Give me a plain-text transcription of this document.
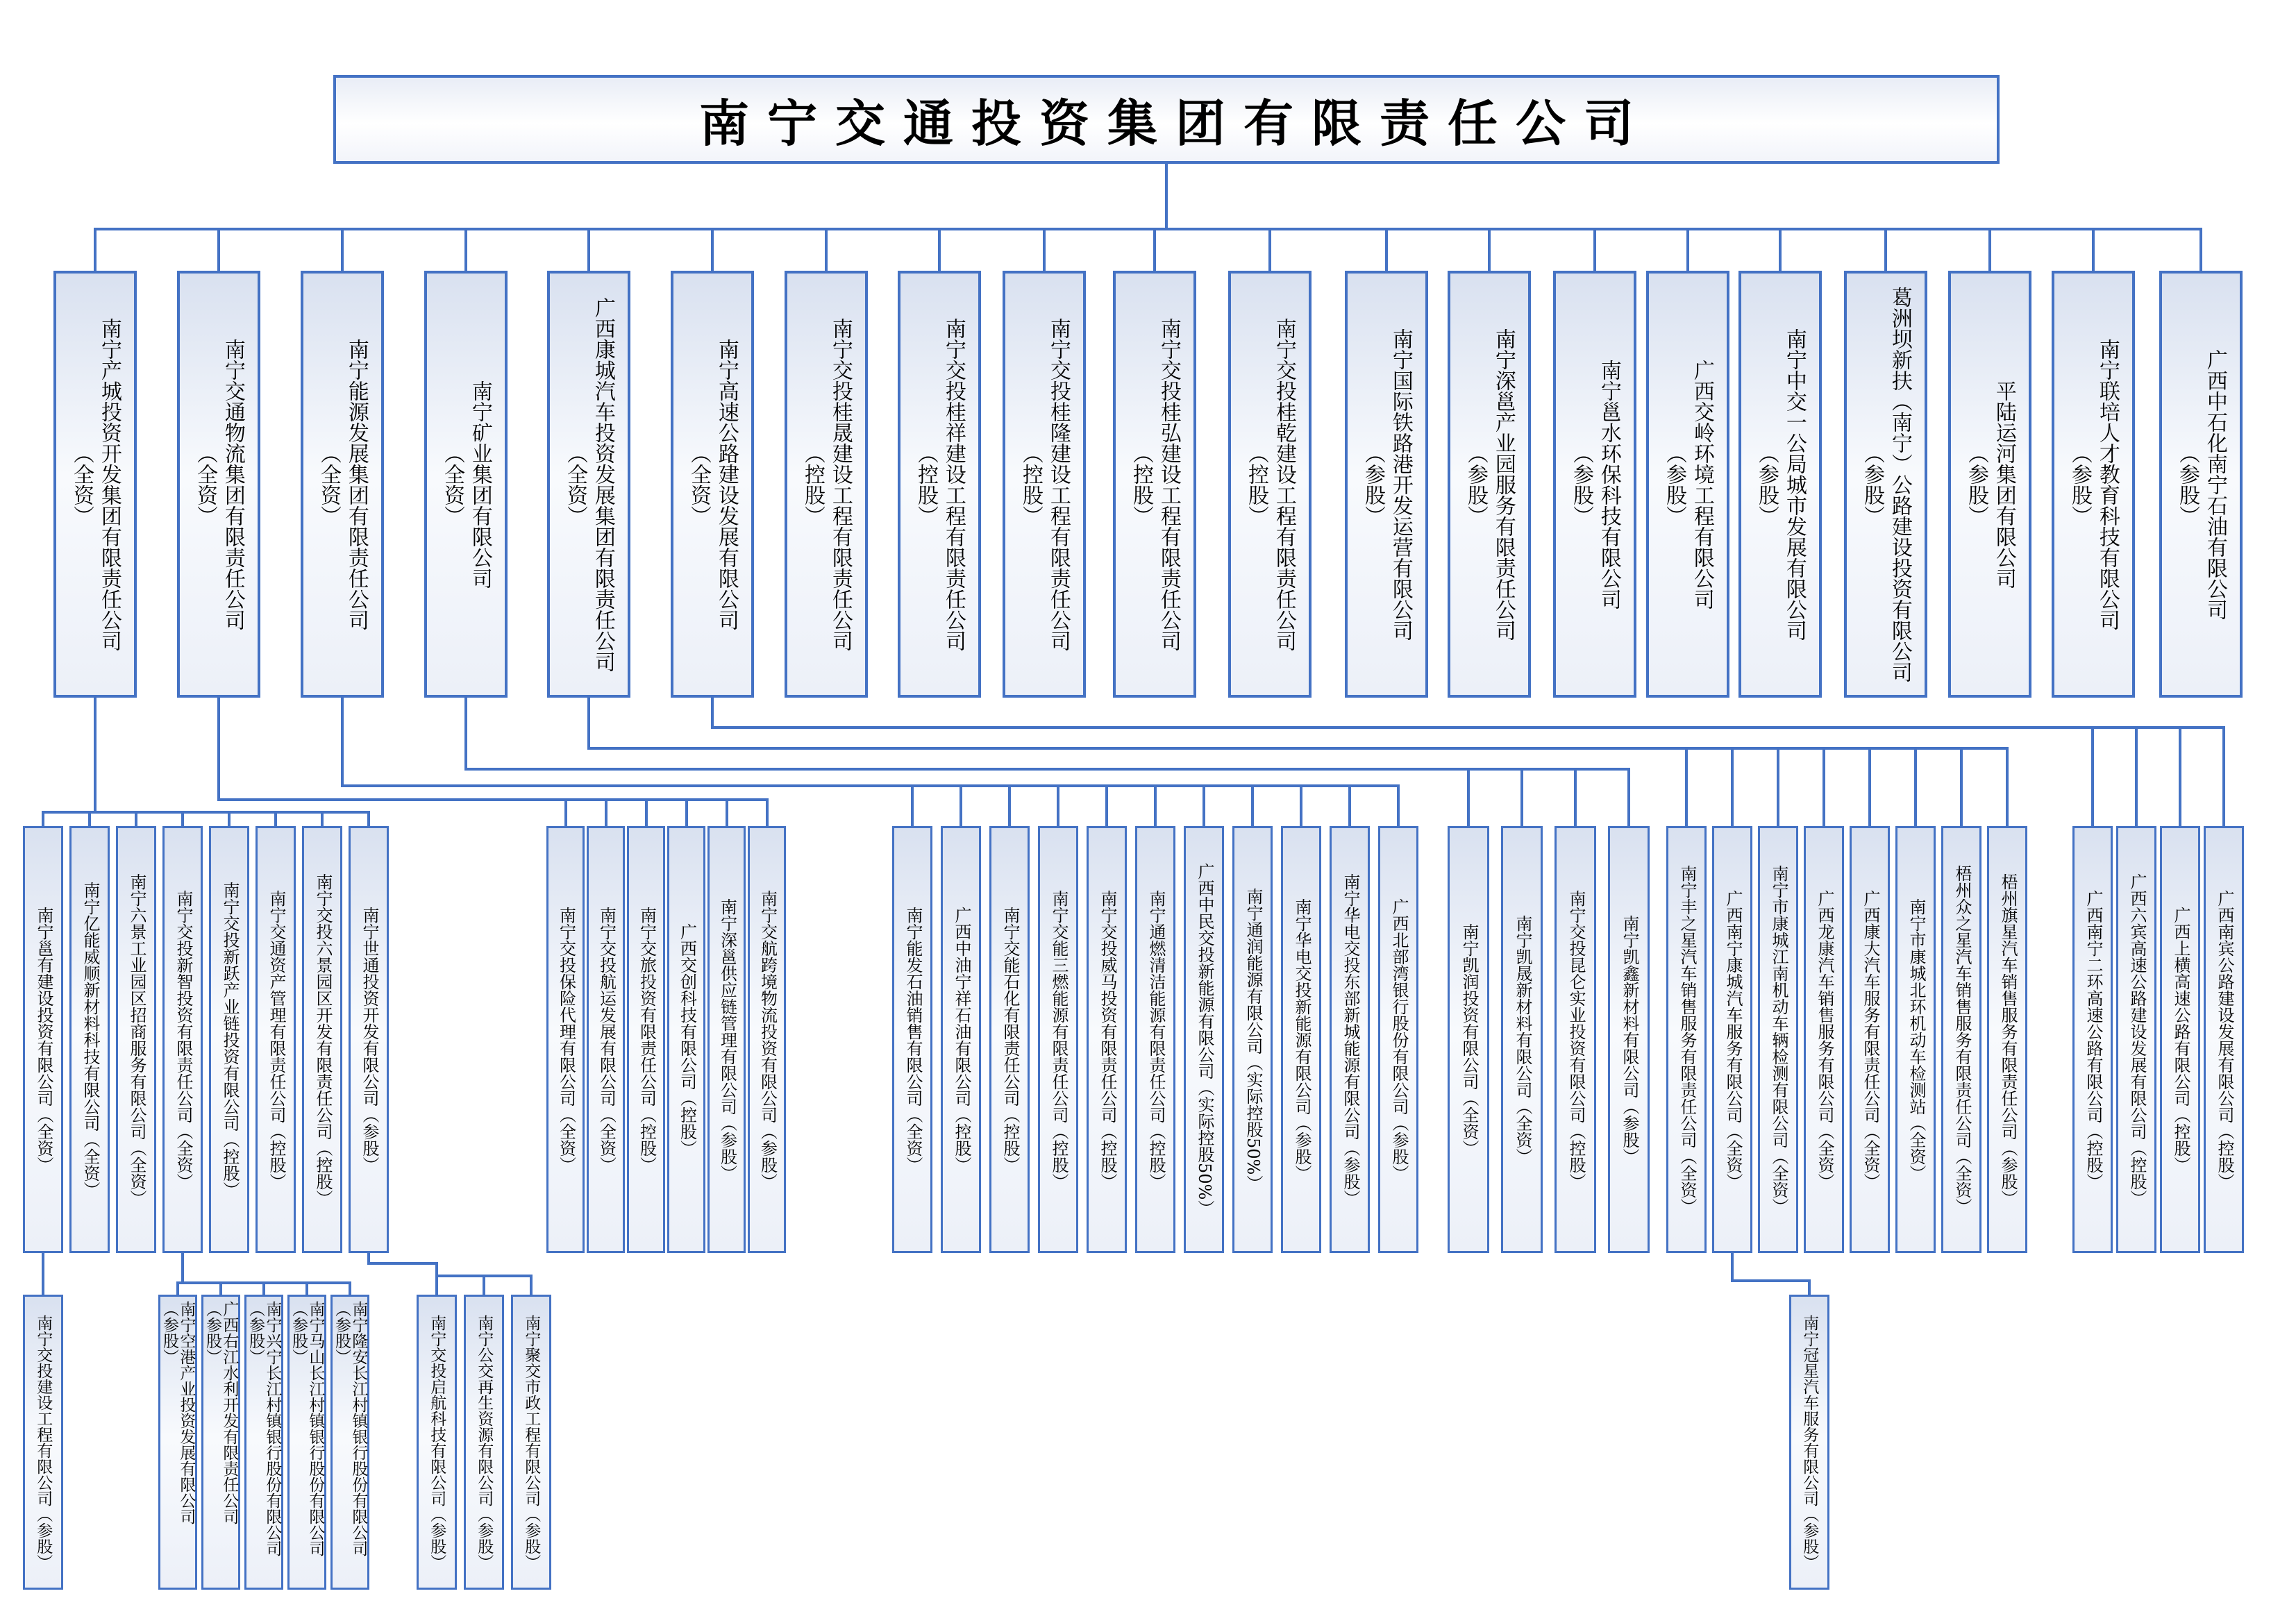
南宁交通投资集团有限责任公司
南宁产城投资开发集团有限责任公司
（全资）	南宁交通物流集团有限责任公司
（全资）	南宁能源发展集团有限责任公司
（全资）	南宁矿业集团有限公司
（全资）	广西康城汽车投资发展集团有限责任公司
（全资）	南宁高速公路建设发展有限公司
（全资）	南宁交投桂晟建设工程有限责任公司
（控股）	南宁交投桂祥建设工程有限责任公司
（控股）	南宁交投桂隆建设工程有限责任公司
（控股）	南宁交投桂弘建设工程有限责任公司
（控股）	南宁交投桂乾建设工程有限责任公司
（控股）	南宁国际铁路港开发运营有限公司
（参股）	南宁深邕产业园服务有限责任公司
（参股）	南宁邕水环保科技有限公司
（参股）	广西交岭环境工程有限公司
（参股）	南宁中交一公局城市发展有限公司
（参股）	葛洲坝新扶（南宁）公路建设投资有限公司
（参股）	平陆运河集团有限公司
（参股）	南宁联培人才教育科技有限公司
（参股）	广西中石化南宁石油有限公司
（参股）
南宁邕有建设投资有限公司（全资）
南宁亿能威顺新材料科技有限公司（全资）
南宁六景工业园区招商服务有限公司（全资）
南宁交投新智投资有限责任公司（全资）
南宁交投新跃产业链投资有限公司（控股）
南宁交通资产管理有限责任公司（控股）
南宁交投六景园区开发有限责任公司（控股）
南宁世通投资开发有限公司（参股）
南宁交投保险代理有限公司（全资）
南宁交投航运发展有限公司（全资）
南宁交旅投资有限责任公司（控股）
广西交创科技有限公司（控股）
南宁深邕供应链管理有限公司（参股）
南宁交航跨境物流投资有限公司（参股）
南宁能发石油销售有限公司（全资）
广西中油宁祥石油有限公司（控股）
南宁交能石化有限责任公司（控股）
南宁交能三燃能源有限责任公司（控股）
南宁交投威马投资有限责任公司（控股）
南宁通燃清洁能源有限责任公司（控股）
广西中民交投新能源有限公司（实际控股50%）
南宁通润能源有限公司（实际控股50%）
南宁华电交投新能源有限公司（参股）
南宁华电交投东部新城能源有限公司（参股）
广西北部湾银行股份有限公司（参股）
南宁凯润投资有限公司（全资）
南宁凯晟新材料有限公司（全资）
南宁交投昆仑实业投资有限公司（控股）
南宁凯鑫新材料有限公司（参股） 南宁丰之星汽车销售服务有限责任公司（全资）
广西南宁康城汽车服务有限公司（全资）
南宁市康城江南机动车辆检测有限公司（全资）
广西龙康汽车销售服务有限公司（全资）
广西康大汽车服务有限责任公司（全资）
南宁市康城北环机动车检测站（全资） 梧州众之星汽车销售服务有限责任公司（全资）
梧州旗星汽车销售服务有限责任公司（参股）
广西南宁二环高速公路有限公司（控股）
广西六宾高速公路建设发展有限公司（控股）
广西上横高速公路有限公司（控股）
广西南宾公路建设发展有限公司（控股）
南宁交投建设工程有限公司（参股）
南宁空港产业投资发展有限公司（参股）	广西右江水利开发有限责任公司（参股）	南宁兴宁长江村镇银行股份有限公司（参股）	南宁马山长江村镇银行股份有限公司（参股）	南宁隆安长江村镇银行股份有限公司（参股）	南宁交投启航科技有限公司（参股）
南宁公交再生资源有限公司（参股）
南宁聚交市政工程有限公司（参股）
南宁冠星汽车服务有限公司（参股）
